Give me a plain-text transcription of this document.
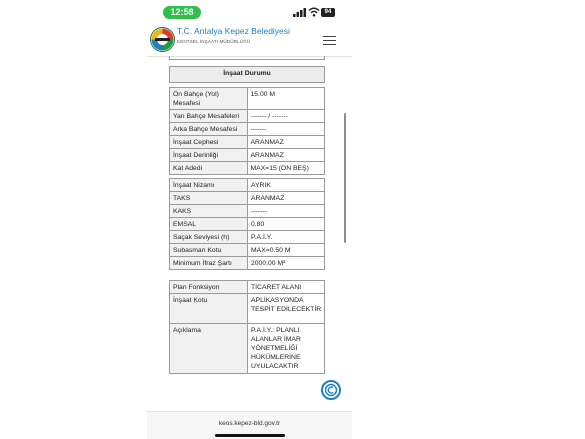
12:58	94
T.C. Antalya Kepez Belediyesi
KENTSEL İNŞAATI MÜDÜRLÜĞÜ
İnşaat Durumu	

Ön Bahçe (Yol) Mesafesi	15.00 M
Yan Bahçe Mesafeleri	------- / -------
Arka Bahçe Mesafesi	-------
İnşaat Cephesi	ARANMAZ
İnşaat Derinliği	ARANMAZ
Kat Adedi	MAX=15 (ON BEŞ)
İnşaat Nizamı	AYRIK
TAKS	ARANMAZ
KAKS	-------
EMSAL	0.80
Saçak Seviyesi (h)	P.A.İ.Y.
Subasman Kotu	MAX=0.50 M
Minimum İfraz Şartı	2000.00 M²
Plan Fonksiyon	TİCARET ALANI
İnşaat Kotu	APLİKASYONDA TESPİT EDİLECEKTİR
Açıklama	P.A.İ.Y.: PLANLI ALANLAR İMAR YÖNETMELİĞİ HÜKÜMLERİNE UYULACAKTIR
keos.kepez-bld.gov.tr
